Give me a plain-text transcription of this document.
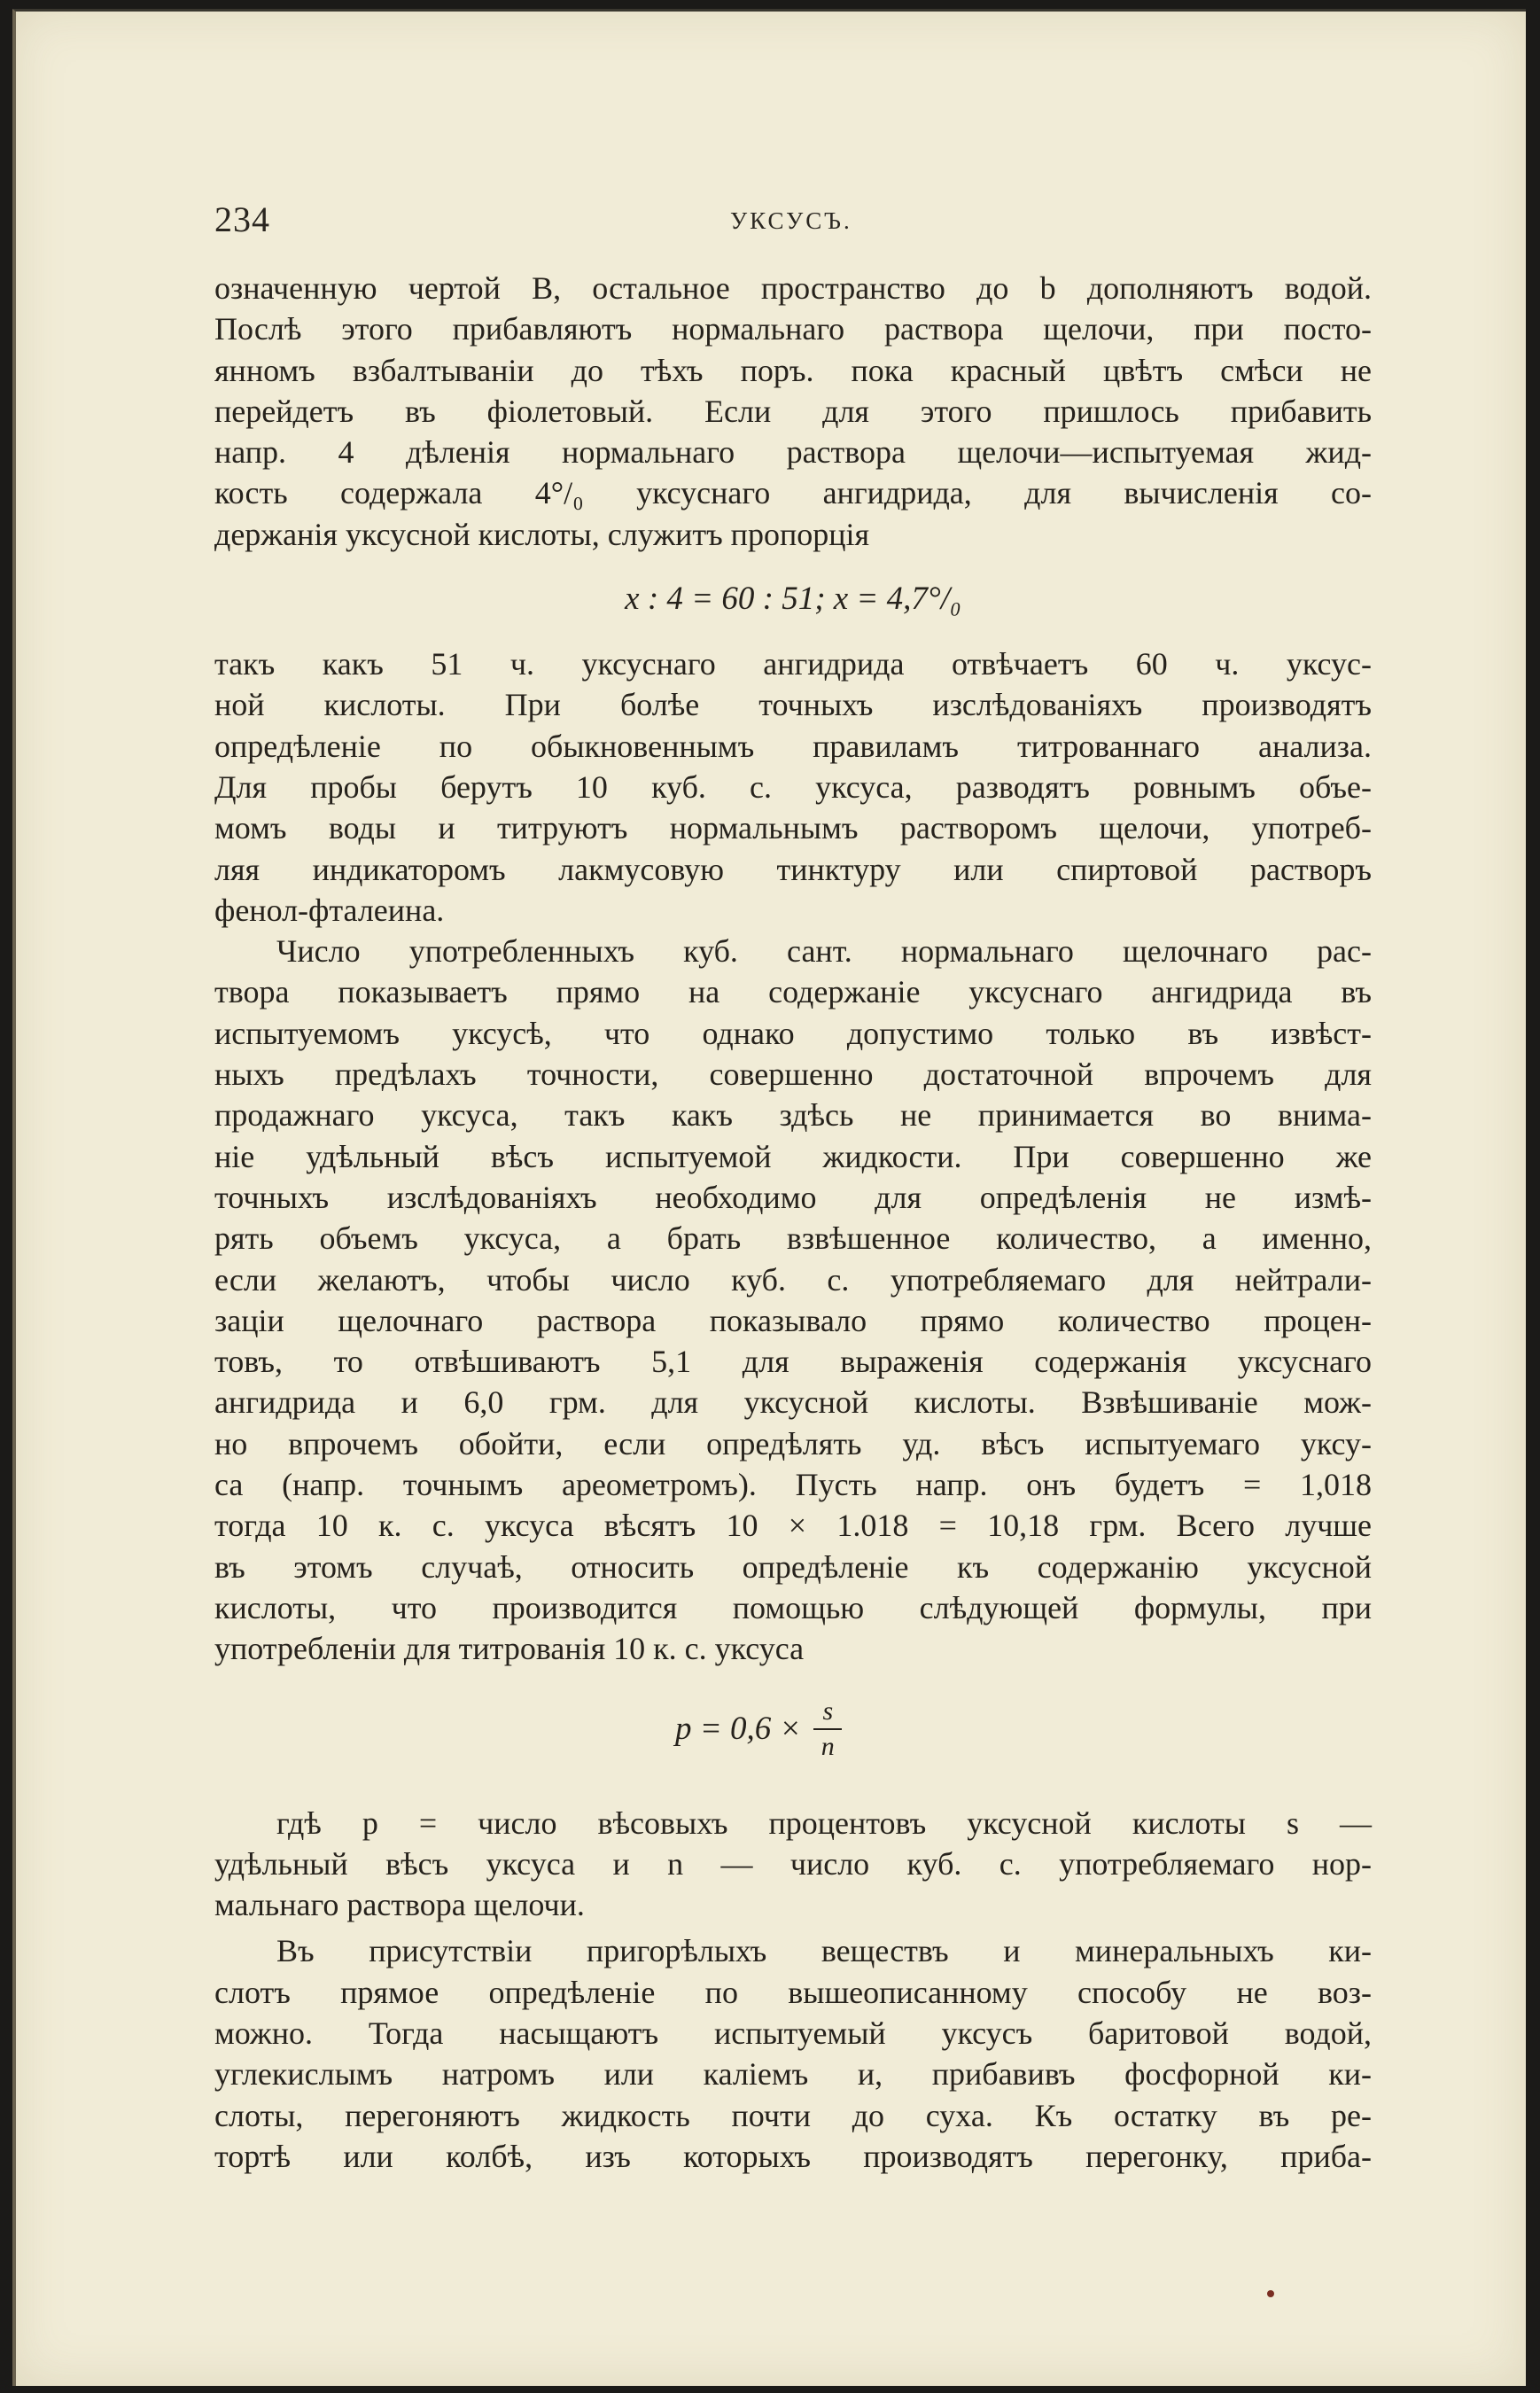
234	УКСУСЪ.
означенную чертой В, остальное пространство до b дополняютъ водой.
Послѣ этого прибавляютъ нормальнаго раствора щелочи, при посто-
янномъ взбалтываніи до тѣхъ поръ. пока красный цвѣтъ смѣси не
перейдетъ въ фіолетовый. Если для этого пришлось прибавить
напр. 4 дѣленія нормальнаго раствора щелочи—испытуемая жид-
кость содержала 4°/₀ уксуснаго ангидрида, для вычисленія со-
держанія уксусной кислоты, служитъ пропорція
x : 4 = 60 : 51; x = 4,7°/₀
такъ какъ 51 ч. уксуснаго ангидрида отвѣчаетъ 60 ч. уксус-
ной кислоты. При болѣе точныхъ изслѣдованіяхъ производятъ
опредѣленіе по обыкновеннымъ правиламъ титрованнаго анализа.
Для пробы берутъ 10 куб. с. уксуса, разводятъ ровнымъ объе-
момъ воды и титруютъ нормальнымъ растворомъ щелочи, употреб-
ляя индикаторомъ лакмусовую тинктуру или спиртовой растворъ
фенол-фталеина.
Число употребленныхъ куб. сант. нормальнаго щелочнаго рас-
твора показываетъ прямо на содержаніе уксуснаго ангидрида въ
испытуемомъ уксусѣ, что однако допустимо только въ извѣст-
ныхъ предѣлахъ точности, совершенно достаточной впрочемъ для
продажнаго уксуса, такъ какъ здѣсь не принимается во внима-
ніе удѣльный вѣсъ испытуемой жидкости. При совершенно же
точныхъ изслѣдованіяхъ необходимо для опредѣленія не измѣ-
рять объемъ уксуса, а брать взвѣшенное количество, а именно,
если желаютъ, чтобы число куб. с. употребляемаго для нейтрали-
заціи щелочнаго раствора показывало прямо количество процен-
товъ, то отвѣшиваютъ 5,1 для выраженія содержанія уксуснаго
ангидрида и 6,0 грм. для уксусной кислоты. Взвѣшиваніе мож-
но впрочемъ обойти, если опредѣлять уд. вѣсъ испытуемаго уксу-
са (напр. точнымъ ареометромъ). Пусть напр. онъ будетъ = 1,018
тогда 10 к. с. уксуса вѣсятъ 10 × 1.018 = 10,18 грм. Всего лучше
въ этомъ случаѣ, относить опредѣленіе къ содержанію уксусной
кислоты, что производится помощью слѣдующей формулы, при
употребленіи для титрованія 10 к. с. уксуса
$p = 0,6 \times \frac{s}{n}$
гдѣ p = число вѣсовыхъ процентовъ уксусной кислоты s —
удѣльный вѣсъ уксуса и n — число куб. с. употребляемаго нор-
мальнаго раствора щелочи.
Въ присутствіи пригорѣлыхъ веществъ и минеральныхъ ки-
слотъ прямое опредѣленіе по вышеописанному способу не воз-
можно. Тогда насыщаютъ испытуемый уксусъ баритовой водой,
углекислымъ натромъ или каліемъ и, прибавивъ фосфорной ки-
слоты, перегоняютъ жидкость почти до суха. Къ остатку въ ре-
тортѣ или колбѣ, изъ которыхъ производятъ перегонку, приба-
